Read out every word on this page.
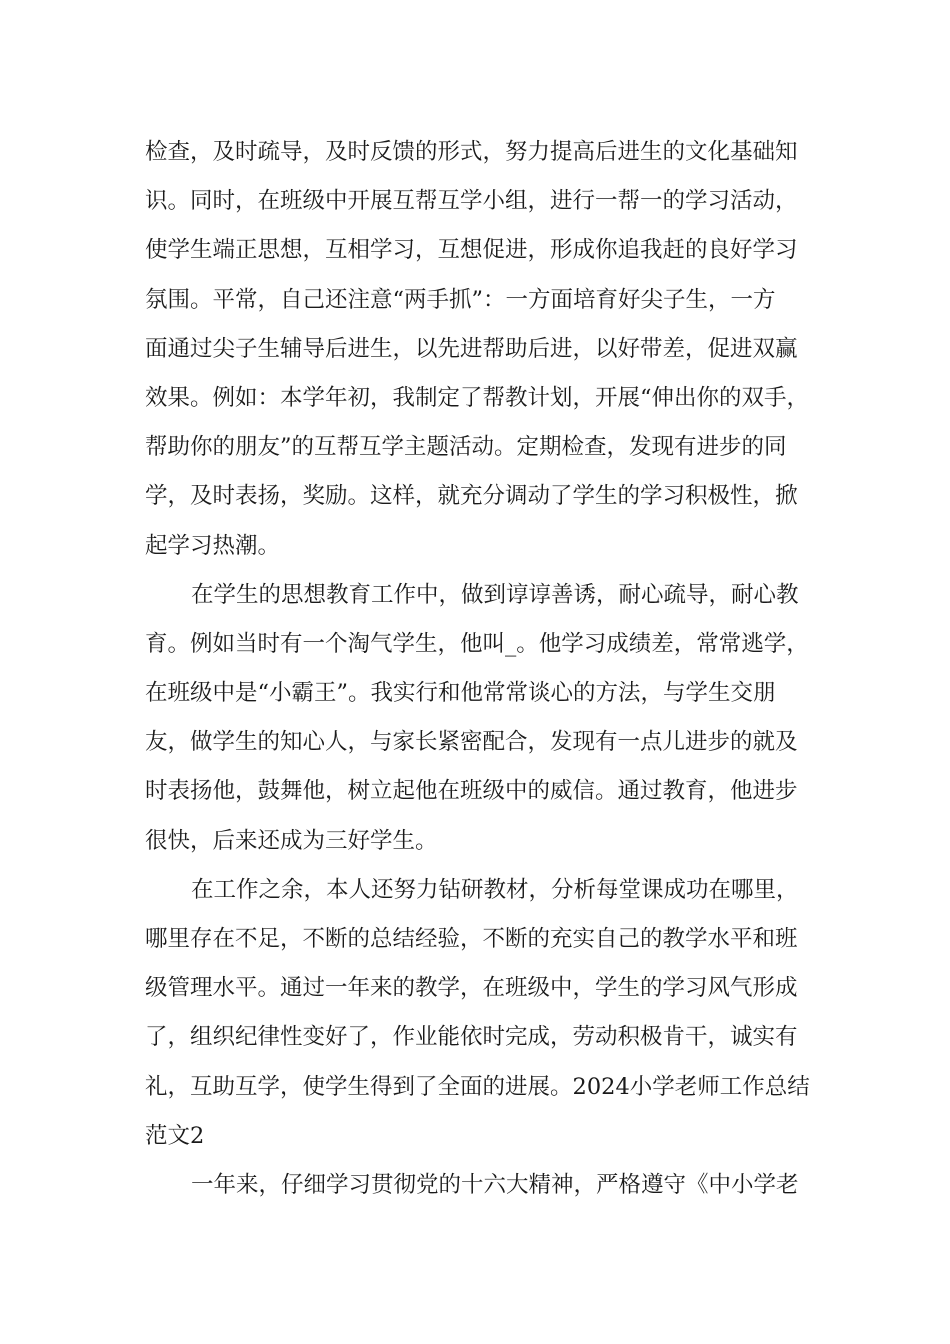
检查，及时疏导，及时反馈的形式，努力提高后进生的文化基础知
识。同时，在班级中开展互帮互学小组，进行一帮一的学习活动，
使学生端正思想，互相学习，互想促进，形成你追我赶的良好学习
氛围。平常，自己还注意“两手抓”：一方面培育好尖子生，一方
面通过尖子生辅导后进生，以先进帮助后进，以好带差，促进双赢
效果。例如：本学年初，我制定了帮教计划，开展“伸出你的双手，
帮助你的朋友”的互帮互学主题活动。定期检查，发现有进步的同
学，及时表扬，奖励。这样，就充分调动了学生的学习积极性，掀
起学习热潮。
在学生的思想教育工作中，做到谆谆善诱，耐心疏导，耐心教
育。例如当时有一个淘气学生，他叫_。他学习成绩差，常常逃学，
在班级中是“小霸王”。我实行和他常常谈心的方法，与学生交朋
友，做学生的知心人，与家长紧密配合，发现有一点儿进步的就及
时表扬他，鼓舞他，树立起他在班级中的威信。通过教育，他进步
很快，后来还成为三好学生。
在工作之余，本人还努力钻研教材，分析每堂课成功在哪里，
哪里存在不足，不断的总结经验，不断的充实自己的教学水平和班
级管理水平。通过一年来的教学，在班级中，学生的学习风气形成
了，组织纪律性变好了，作业能依时完成，劳动积极肯干，诚实有
礼，互助互学，使学生得到了全面的进展。2024小学老师工作总结
范文2
一年来，仔细学习贯彻党的十六大精神，严格遵守《中小学老
